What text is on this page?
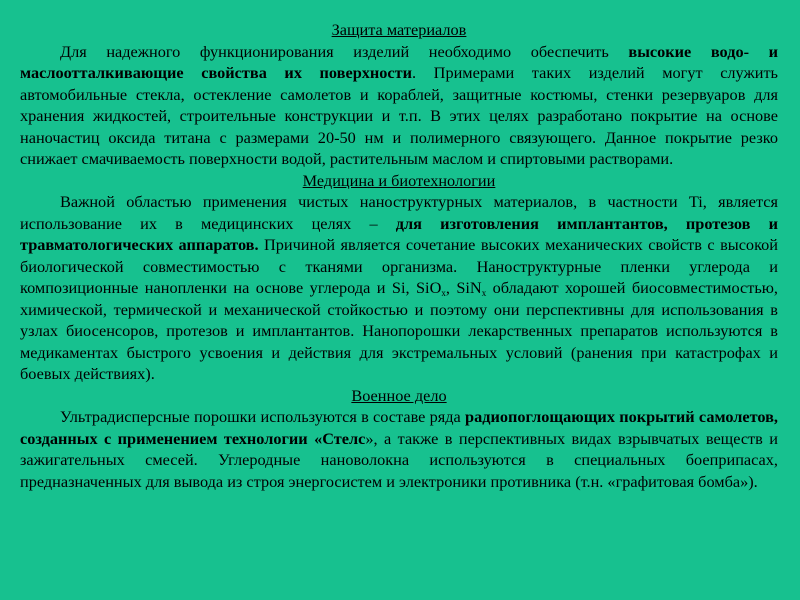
Защита материалов

Для надежного функционирования изделий необходимо обеспечить высокие водо- и маслоотталкивающие свойства их поверхности. Примерами таких изделий могут служить автомобильные стекла, остекление самолетов и кораблей, защитные костюмы, стенки резервуаров для хранения жидкостей, строительные конструкции и т.п. В этих целях разработано покрытие на основе наночастиц оксида титана с размерами 20-50 нм и полимерного связующего. Данное покрытие резко снижает смачиваемость поверхности водой, растительным маслом и спиртовыми растворами.

Медицина и биотехнологии

Важной областью применения чистых наноструктурных материалов, в частности Ti, является использование их в медицинских целях – для изготовления имплантантов, протезов и травматологических аппаратов. Причиной является сочетание высоких механических свойств с высокой биологической совместимостью с тканями организма. Наноструктурные пленки углерода и композиционные нанопленки на основе углерода и Si, SiO$_x$, SiN$_x$ обладают хорошей биосовместимостью, химической, термической и механической стойкостью и поэтому они перспективны для использования в узлах биосенсоров, протезов и имплантантов. Нанопорошки лекарственных препаратов используются в медикаментах быстрого усвоения и действия для экстремальных условий (ранения при катастрофах и боевых действиях).

Военное дело

Ультрадисперсные порошки используются в составе ряда радиопоглощающих покрытий самолетов, созданных с применением технологии «Стелс», а также в перспективных видах взрывчатых веществ и зажигательных смесей. Углеродные нановолокна используются в специальных боеприпасах, предназначенных для вывода из строя энергосистем и электроники противника (т.н. «графитовая бомба»).
